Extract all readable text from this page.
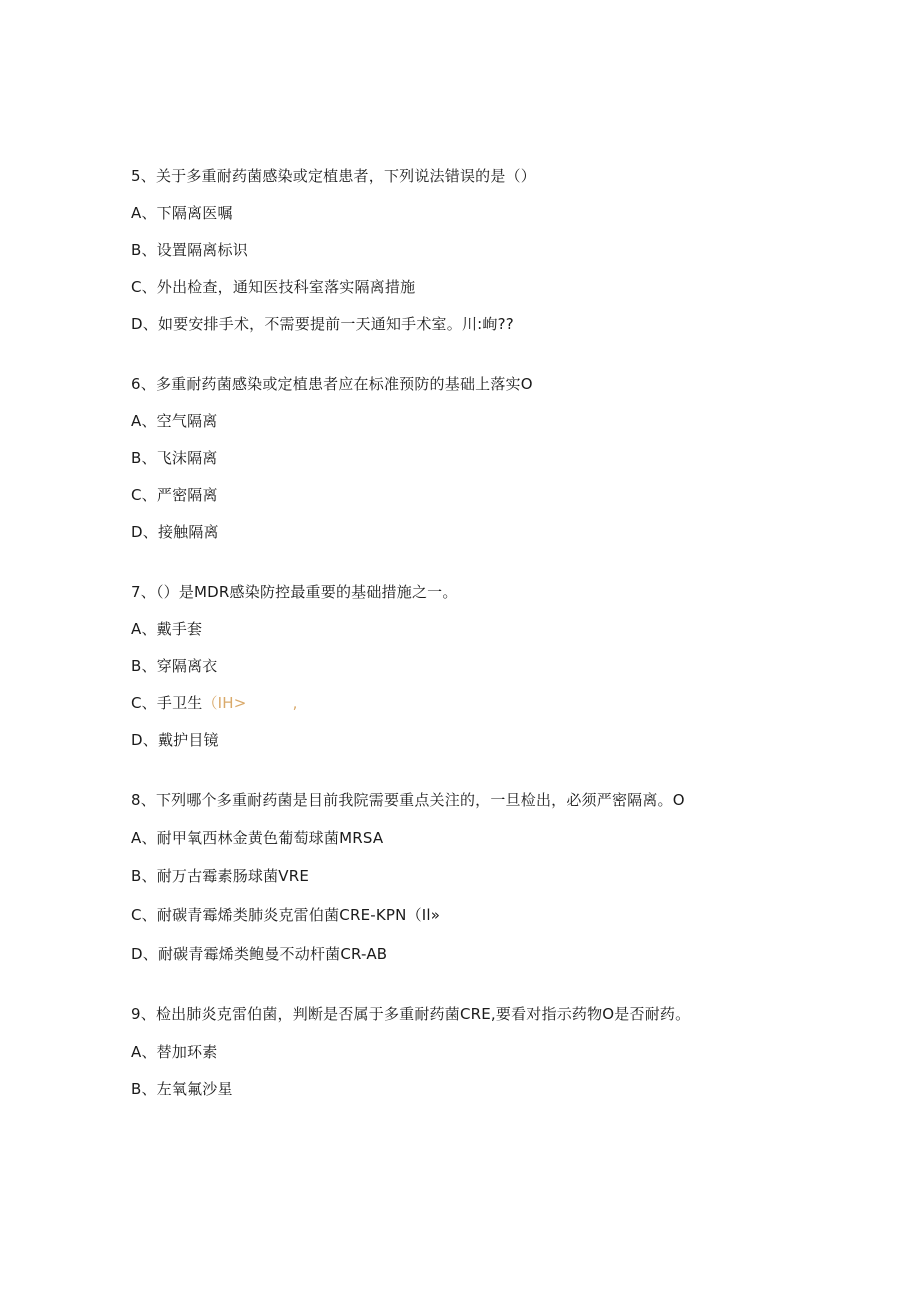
5、关于多重耐药菌感染或定植患者，下列说法错误的是（）
A、下隔离医嘱
B、设置隔离标识
C、外出检查，通知医技科室落实隔离措施
D、如要安排手术，不需要提前一天通知手术室。川:峋??
6、多重耐药菌感染或定植患者应在标准预防的基础上落实O
A、空气隔离
B、飞沫隔离
C、严密隔离
D、接触隔离
7、（）是MDR感染防控最重要的基础措施之一。
A、戴手套
B、穿隔离衣
C、手卫生（IH>	,
D、戴护目镜
8、下列哪个多重耐药菌是目前我院需要重点关注的，一旦检出，必须严密隔离。O
A、耐甲氧西林金黄色葡萄球菌MRSA
B、耐万古霉素肠球菌VRE
C、耐碳青霉烯类肺炎克雷伯菌CRE-KPN（Il»
D、耐碳青霉烯类鲍曼不动杆菌CR-AB
9、检出肺炎克雷伯菌，判断是否属于多重耐药菌CRE,要看对指示药物O是否耐药。
A、替加环素
B、左氧氟沙星
